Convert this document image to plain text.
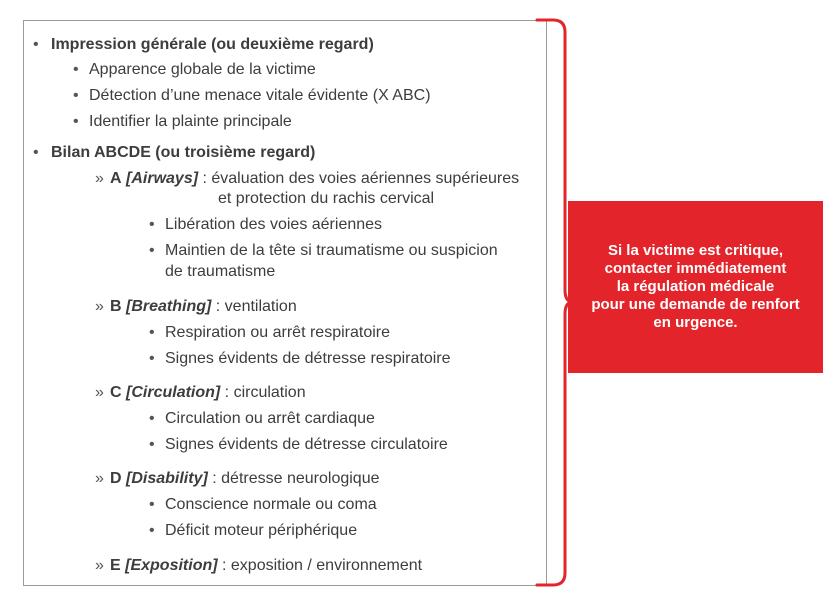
• Impression générale (ou deuxième regard)
• Apparence globale de la victime
• Détection d’une menace vitale évidente (X ABC)
• Identifier la plainte principale
• Bilan ABCDE (ou troisième regard)
» A [Airways] : évaluation des voies aériennes supérieures
et protection du rachis cervical
• Libération des voies aériennes
• Maintien de la tête si traumatisme ou suspicion
de traumatisme
» B [Breathing] : ventilation
• Respiration ou arrêt respiratoire
• Signes évidents de détresse respiratoire
» C [Circulation] : circulation
• Circulation ou arrêt cardiaque
• Signes évidents de détresse circulatoire
» D [Disability] : détresse neurologique
• Conscience normale ou coma
• Déficit moteur périphérique
» E [Exposition] : exposition / environnement
Si la victime est critique,
contacter immédiatement
la régulation médicale
pour une demande de renfort
en urgence.
